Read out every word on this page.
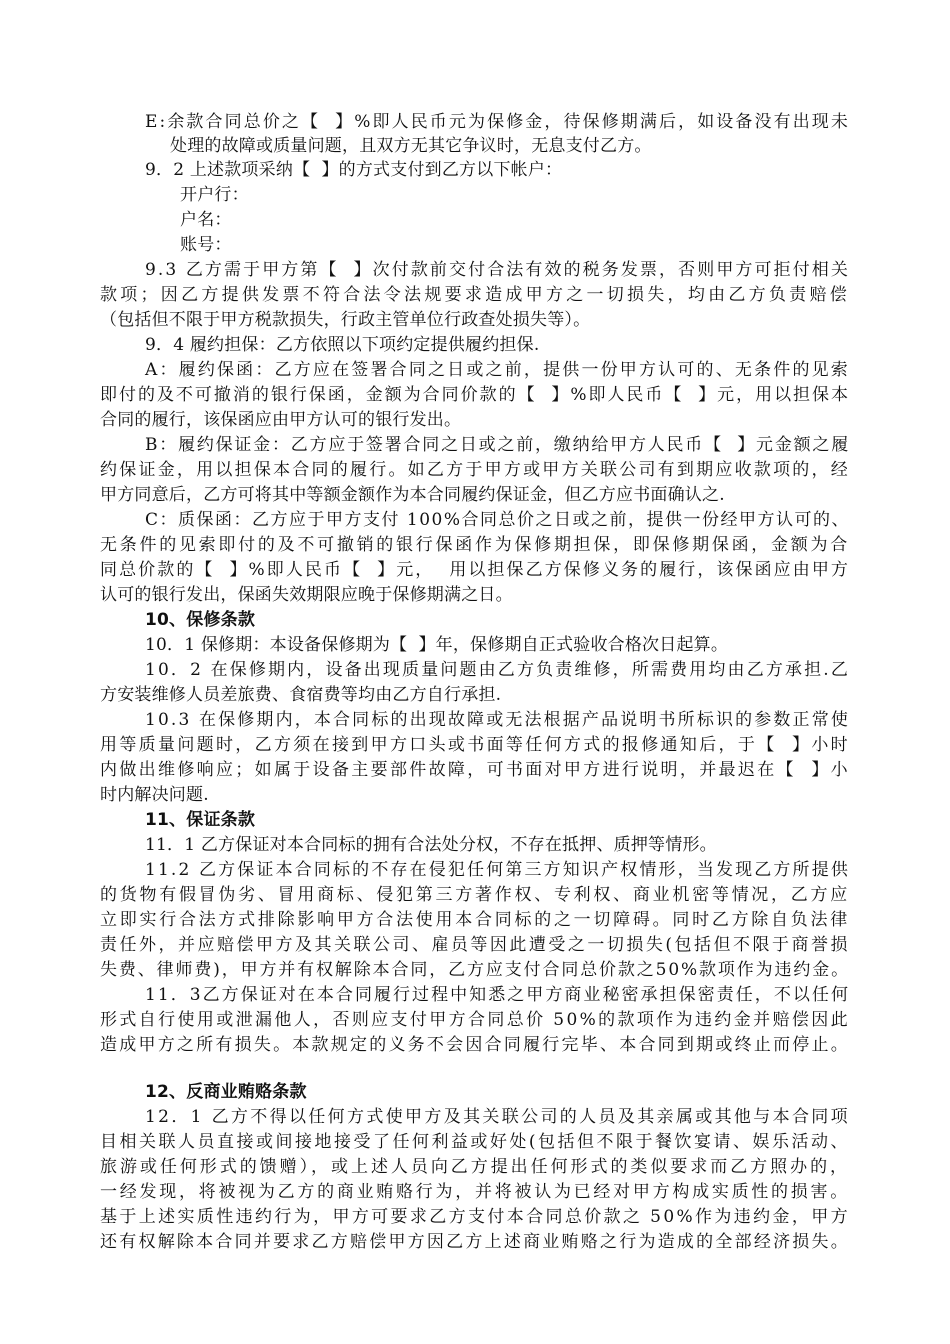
E:余款合同总价之【  】%即人民币元为保修金，待保修期满后，如设备没有出现未
处理的故障或质量问题，且双方无其它争议时，无息支付乙方。
9．2 上述款项采纳【  】的方式支付到乙方以下帐户：
开户行：
户名：
账号：
9.3 乙方需于甲方第【  】次付款前交付合法有效的税务发票，否则甲方可拒付相关
款项；因乙方提供发票不符合法令法规要求造成甲方之一切损失，均由乙方负责赔偿
（包括但不限于甲方税款损失，行政主管单位行政查处损失等）。
9．4 履约担保：乙方依照以下项约定提供履约担保.
A：履约保函：乙方应在签署合同之日或之前，提供一份甲方认可的、无条件的见索
即付的及不可撤消的银行保函，金额为合同价款的【  】%即人民币【  】元，用以担保本
合同的履行，该保函应由甲方认可的银行发出。
B：履约保证金：乙方应于签署合同之日或之前，缴纳给甲方人民币【  】元金额之履
约保证金，用以担保本合同的履行。如乙方于甲方或甲方关联公司有到期应收款项的，经
甲方同意后，乙方可将其中等额金额作为本合同履约保证金，但乙方应书面确认之.
C：质保函：乙方应于甲方支付 100%合同总价之日或之前，提供一份经甲方认可的、
无条件的见索即付的及不可撤销的银行保函作为保修期担保，即保修期保函，金额为合
同总价款的【  】%即人民币【  】元，  用以担保乙方保修义务的履行，该保函应由甲方
认可的银行发出，保函失效期限应晚于保修期满之日。
10、保修条款
10．1 保修期：本设备保修期为【  】年，保修期自正式验收合格次日起算。
10．2 在保修期内，设备出现质量问题由乙方负责维修，所需费用均由乙方承担.乙
方安装维修人员差旅费、食宿费等均由乙方自行承担.
10.3 在保修期内，本合同标的出现故障或无法根据产品说明书所标识的参数正常使
用等质量问题时，乙方须在接到甲方口头或书面等任何方式的报修通知后，于【  】小时
内做出维修响应；如属于设备主要部件故障，可书面对甲方进行说明，并最迟在【  】小
时内解决问题.
11、保证条款
11．1 乙方保证对本合同标的拥有合法处分权，不存在抵押、质押等情形。
11.2 乙方保证本合同标的不存在侵犯任何第三方知识产权情形，当发现乙方所提供
的货物有假冒伪劣、冒用商标、侵犯第三方著作权、专利权、商业机密等情况，乙方应
立即实行合法方式排除影响甲方合法使用本合同标的之一切障碍。同时乙方除自负法律
责任外，并应赔偿甲方及其关联公司、雇员等因此遭受之一切损失(包括但不限于商誉损
失费、律师费)，甲方并有权解除本合同，乙方应支付合同总价款之50%款项作为违约金。
11．3乙方保证对在本合同履行过程中知悉之甲方商业秘密承担保密责任，不以任何
形式自行使用或泄漏他人，否则应支付甲方合同总价 50%的款项作为违约金并赔偿因此
造成甲方之所有损失。本款规定的义务不会因合同履行完毕、本合同到期或终止而停止。
12、反商业贿赂条款
12．1 乙方不得以任何方式使甲方及其关联公司的人员及其亲属或其他与本合同项
目相关联人员直接或间接地接受了任何利益或好处(包括但不限于餐饮宴请、娱乐活动、
旅游或任何形式的馈赠），或上述人员向乙方提出任何形式的类似要求而乙方照办的，
一经发现，将被视为乙方的商业贿赂行为，并将被认为已经对甲方构成实质性的损害。
基于上述实质性违约行为，甲方可要求乙方支付本合同总价款之 50%作为违约金，甲方
还有权解除本合同并要求乙方赔偿甲方因乙方上述商业贿赂之行为造成的全部经济损失。
